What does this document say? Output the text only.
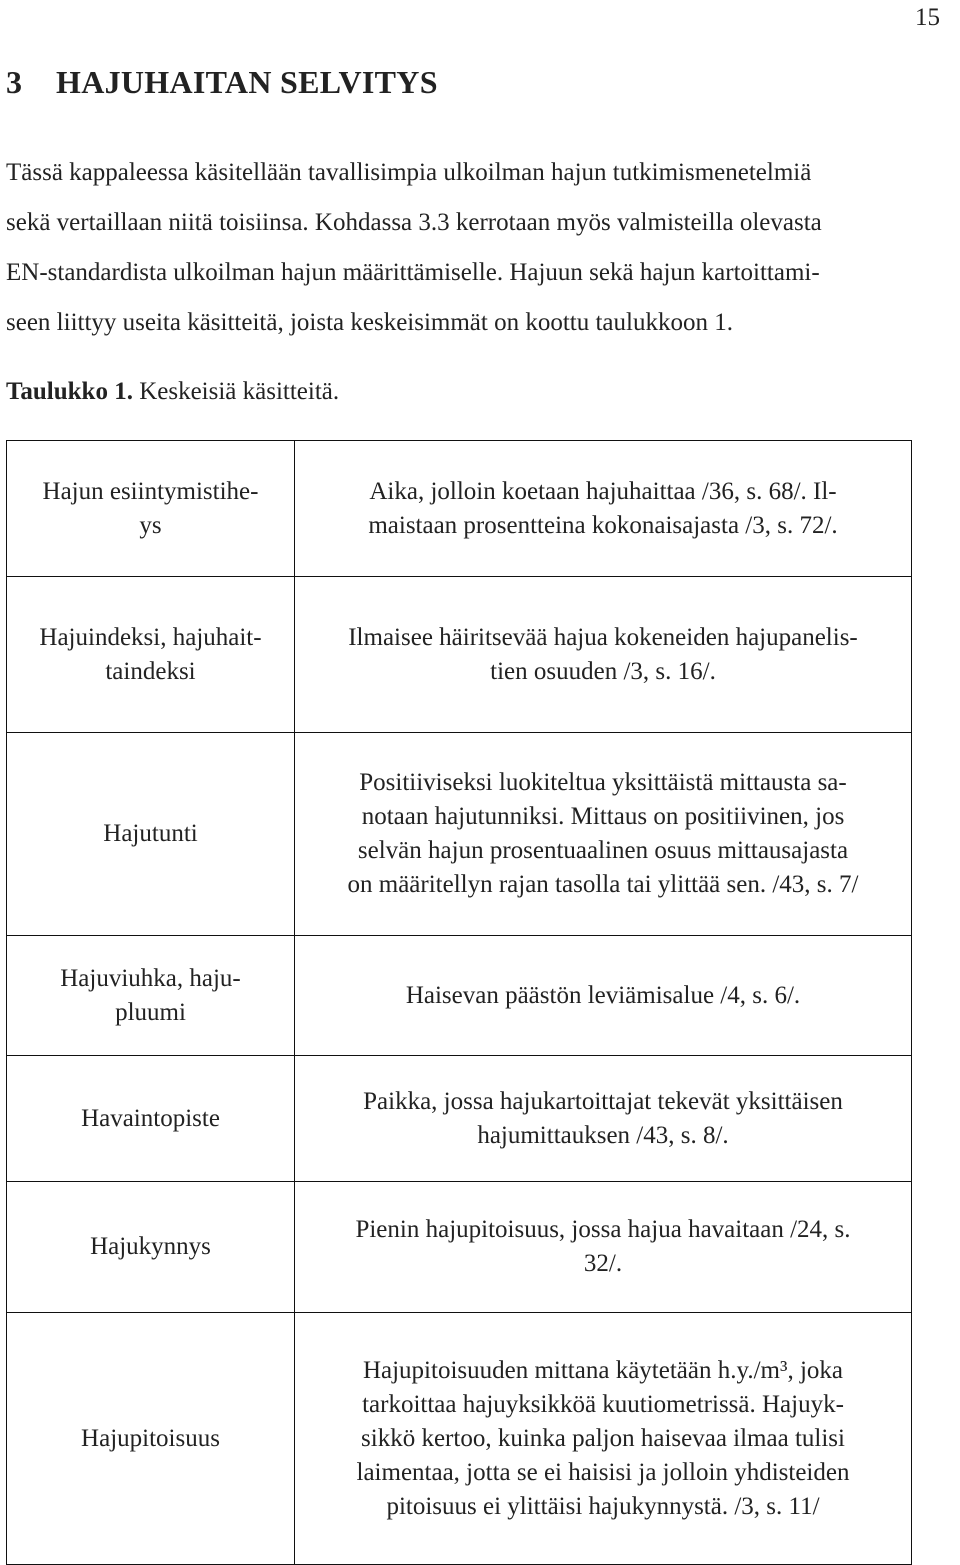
15
3 HAJUHAITAN SELVITYS

Tässä kappaleessa käsitellään tavallisimpia ulkoilman hajun tutkimismenetelmiä
sekä vertaillaan niitä toisiinsa. Kohdassa 3.3 kerrotaan myös valmisteilla olevasta
EN-standardista ulkoilman hajun määrittämiselle. Hajuun sekä hajun kartoittami-
seen liittyy useita käsitteitä, joista keskeisimmät on koottu taulukkoon 1.

Taulukko 1. Keskeisiä käsitteitä.

Hajun esiintymistihe-
ys	Aika, jolloin koetaan hajuhaittaa /36, s. 68/. Il-
maistaan prosentteina kokonaisajasta /3, s. 72/.

Hajuindeksi, hajuhait-
taindeksi	Ilmaisee häiritsevää hajua kokeneiden hajupanelis-
tien osuuden /3, s. 16/.

Hajutunti	Positiiviseksi luokiteltua yksittäistä mittausta sa-
notaan hajutunniksi. Mittaus on positiivinen, jos
selvän hajun prosentuaalinen osuus mittausajasta
on määritellyn rajan tasolla tai ylittää sen. /43, s. 7/

Hajuviuhka, haju-
pluumi	Haisevan päästön leviämisalue /4, s. 6/.

Havaintopiste	Paikka, jossa hajukartoittajat tekevät yksittäisen
hajumittauksen /43, s. 8/.

Hajukynnys	Pienin hajupitoisuus, jossa hajua havaitaan /24, s.
32/.

Hajupitoisuus	Hajupitoisuuden mittana käytetään h.y./m³, joka
tarkoittaa hajuyksikköä kuutiometrissä. Hajuyk-
sikkö kertoo, kuinka paljon haisevaa ilmaa tulisi
laimentaa, jotta se ei haisisi ja jolloin yhdisteiden
pitoisuus ei ylittäisi hajukynnystä. /3, s. 11/
